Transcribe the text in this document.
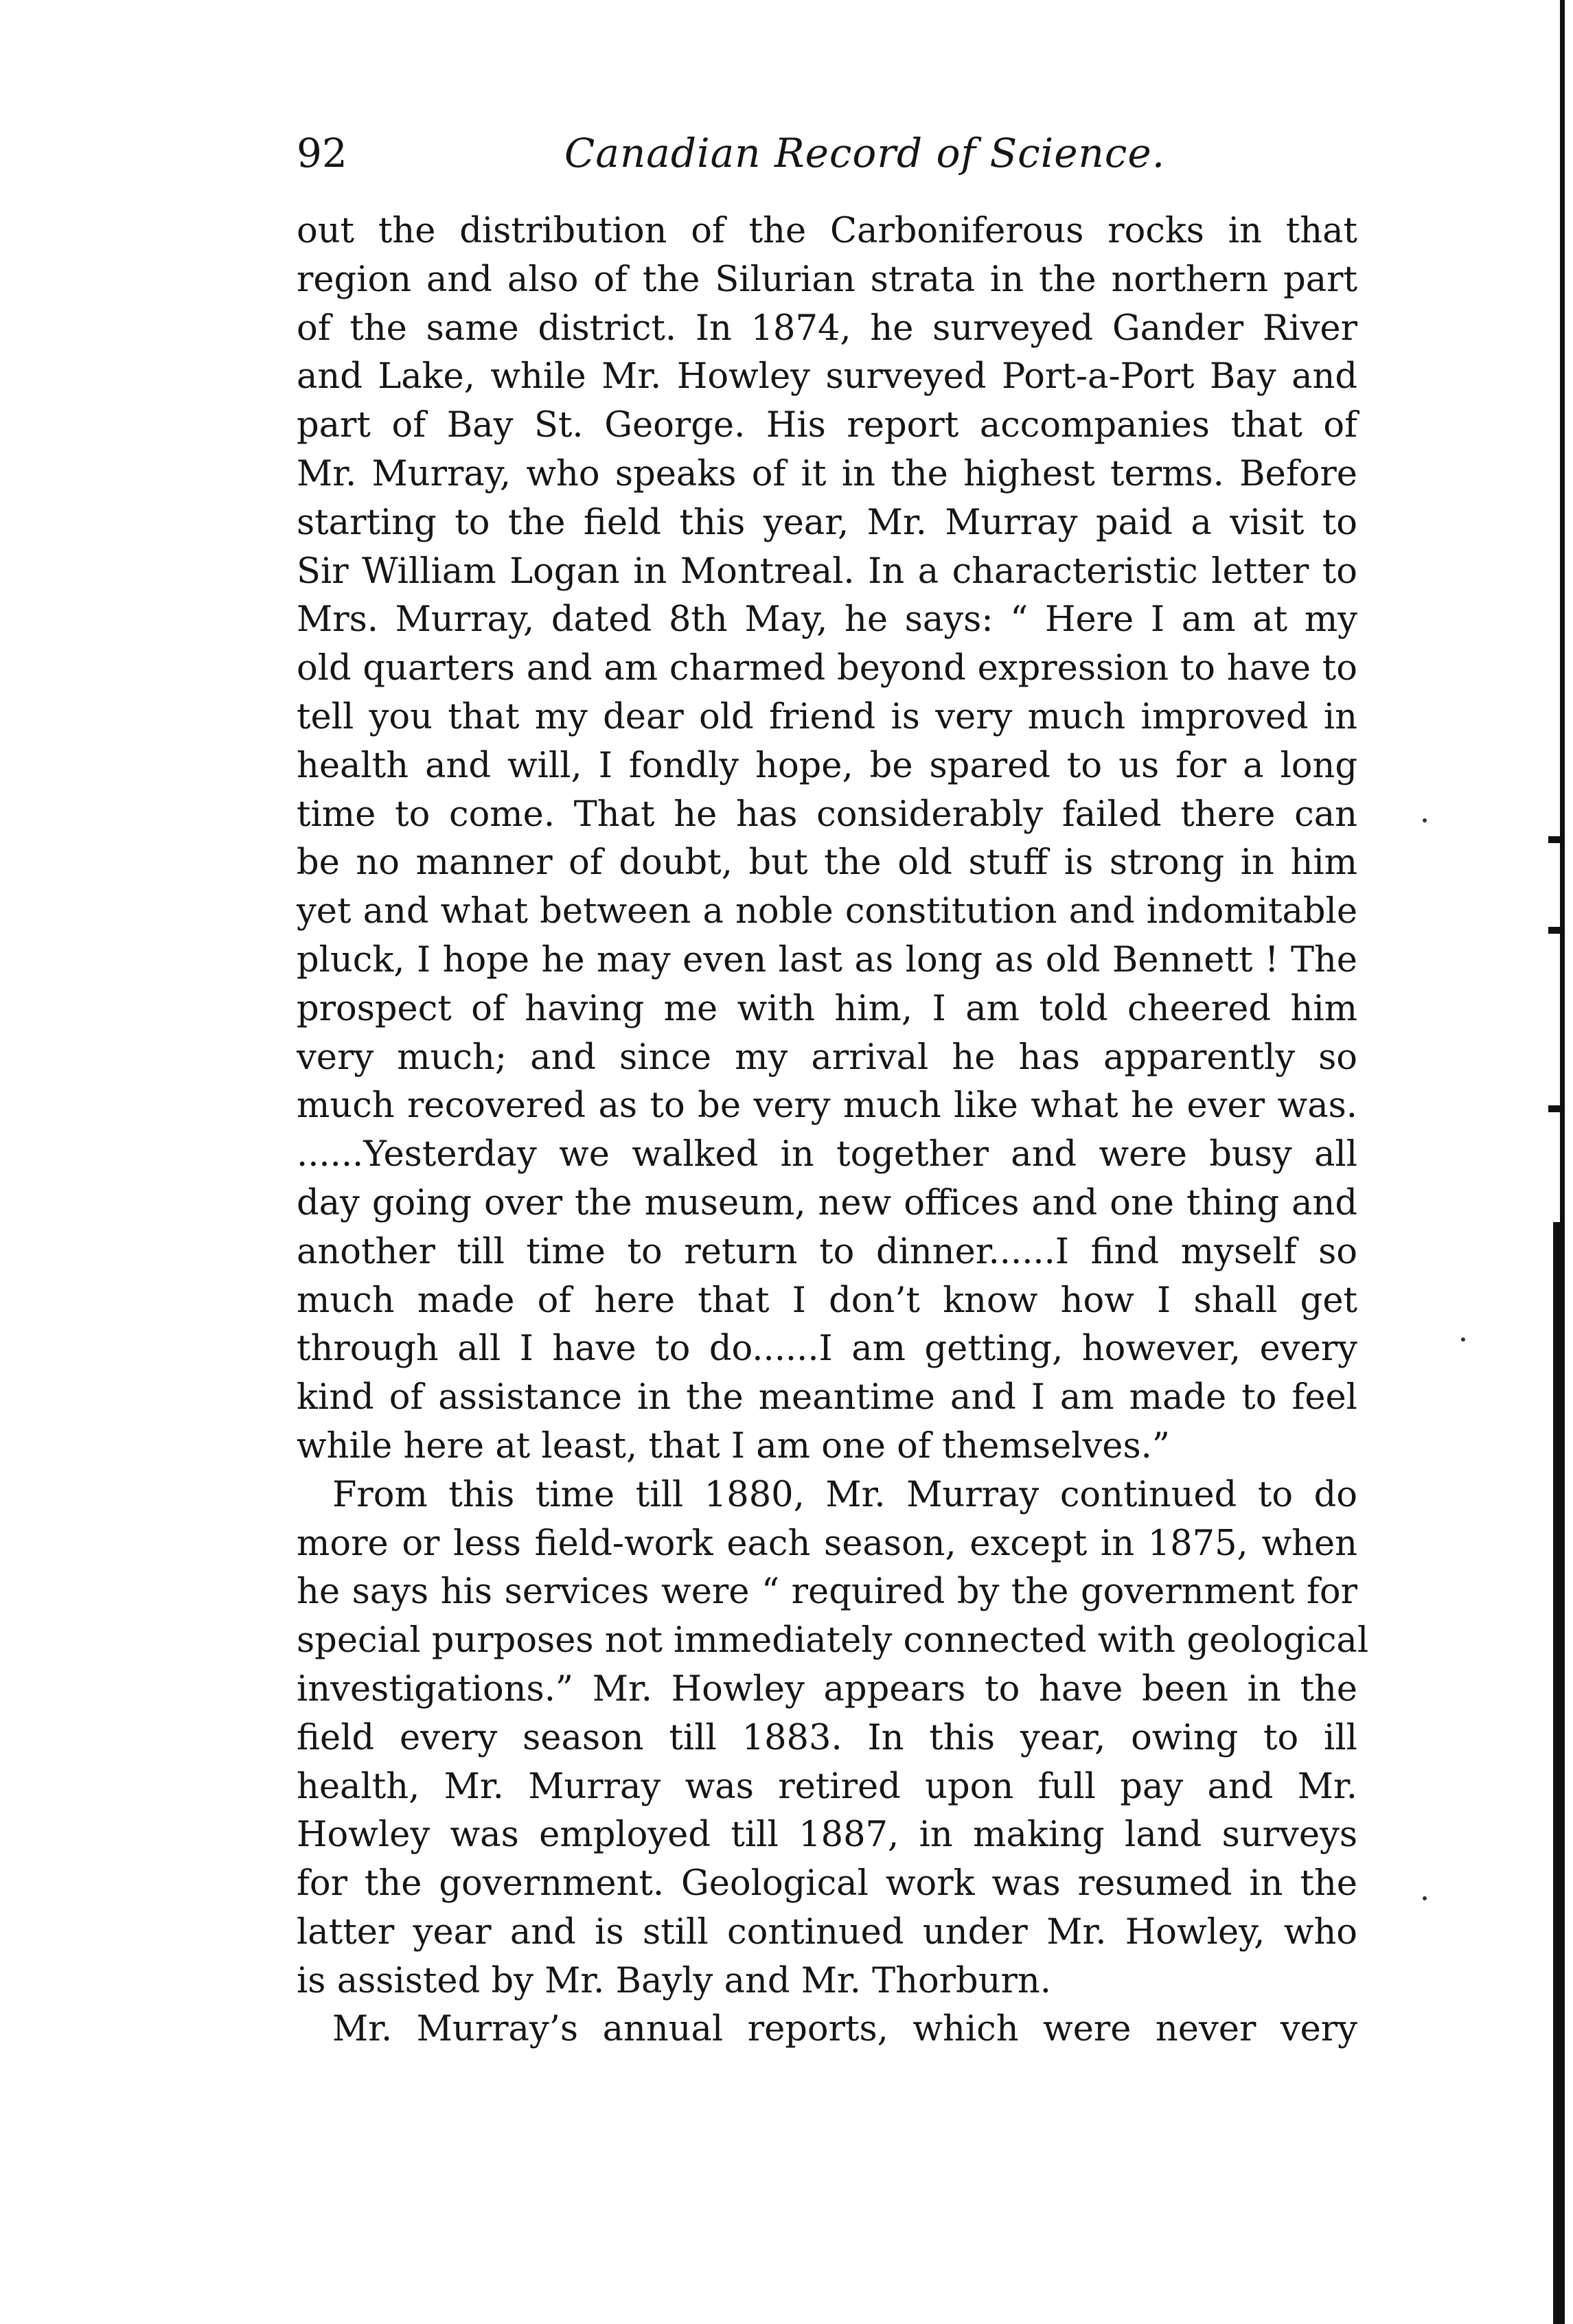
92	Canadian Record of Science.
out the distribution of the Carboniferous rocks in that
region and also of the Silurian strata in the northern part
of the same district. In 1874, he surveyed Gander River
and Lake, while Mr. Howley surveyed Port-a-Port Bay and
part of Bay St. George. His report accompanies that of
Mr. Murray, who speaks of it in the highest terms. Before
starting to the field this year, Mr. Murray paid a visit to
Sir William Logan in Montreal. In a characteristic letter to
Mrs. Murray, dated 8th May, he says: “ Here I am at my
old quarters and am charmed beyond expression to have to
tell you that my dear old friend is very much improved in
health and will, I fondly hope, be spared to us for a long
time to come. That he has considerably failed there can
be no manner of doubt, but the old stuff is strong in him
yet and what between a noble constitution and indomitable
pluck, I hope he may even last as long as old Bennett ! The
prospect of having me with him, I am told cheered him
very much; and since my arrival he has apparently so
much recovered as to be very much like what he ever was.
......Yesterday we walked in together and were busy all
day going over the museum, new offices and one thing and
another till time to return to dinner......I find myself so
much made of here that I don’t know how I shall get
through all I have to do......I am getting, however, every
kind of assistance in the meantime and I am made to feel
while here at least, that I am one of themselves.”
From this time till 1880, Mr. Murray continued to do
more or less field-work each season, except in 1875, when
he says his services were “ required by the government for
special purposes not immediately connected with geological
investigations.” Mr. Howley appears to have been in the
field every season till 1883. In this year, owing to ill
health, Mr. Murray was retired upon full pay and Mr.
Howley was employed till 1887, in making land surveys
for the government. Geological work was resumed in the
latter year and is still continued under Mr. Howley, who
is assisted by Mr. Bayly and Mr. Thorburn.
Mr. Murray’s annual reports, which were never very
